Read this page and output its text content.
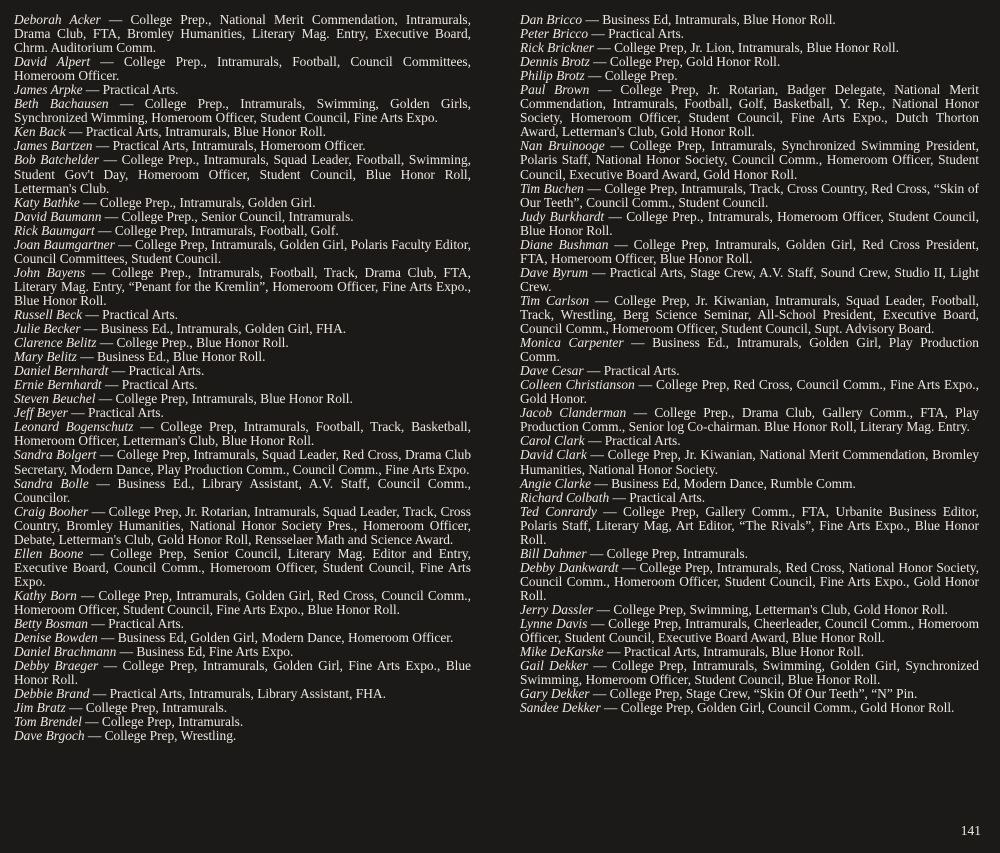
Deborah Acker — College Prep., National Merit Commendation, Intramurals, Drama Club, FTA, Bromley Humanities, Literary Mag. Entry, Executive Board, Chrm. Auditorium Comm.

David Alpert — College Prep., Intramurals, Football, Council Committees, Homeroom Officer.

James Arpke — Practical Arts.

Beth Bachausen — College Prep., Intramurals, Swimming, Golden Girls, Synchronized Wimming, Homeroom Officer, Student Council, Fine Arts Expo.

Ken Back — Practical Arts, Intramurals, Blue Honor Roll.

James Bartzen — Practical Arts, Intramurals, Homeroom Officer.

Bob Batchelder — College Prep., Intramurals, Squad Leader, Football, Swimming, Student Gov't Day, Homeroom Officer, Student Council, Blue Honor Roll, Letterman's Club.

Katy Bathke — College Prep., Intramurals, Golden Girl.

David Baumann — College Prep., Senior Council, Intramurals.

Rick Baumgart — College Prep, Intramurals, Football, Golf.

Joan Baumgartner — College Prep, Intramurals, Golden Girl, Polaris Faculty Editor, Council Committees, Student Council.

John Bayens — College Prep., Intramurals, Football, Track, Drama Club, FTA, Literary Mag. Entry, “Penant for the Kremlin”, Homeroom Officer, Fine Arts Expo., Blue Honor Roll.

Russell Beck — Practical Arts.

Julie Becker — Business Ed., Intramurals, Golden Girl, FHA.

Clarence Belitz — College Prep., Blue Honor Roll.

Mary Belitz — Business Ed., Blue Honor Roll.

Daniel Bernhardt — Practical Arts.

Ernie Bernhardt — Practical Arts.

Steven Beuchel — College Prep, Intramurals, Blue Honor Roll.

Jeff Beyer — Practical Arts.

Leonard Bogenschutz — College Prep, Intramurals, Football, Track, Basketball, Homeroom Officer, Letterman's Club, Blue Honor Roll.

Sandra Bolgert — College Prep, Intramurals, Squad Leader, Red Cross, Drama Club Secretary, Modern Dance, Play Production Comm., Council Comm., Fine Arts Expo.

Sandra Bolle — Business Ed., Library Assistant, A.V. Staff, Council Comm., Councilor.

Craig Booher — College Prep, Jr. Rotarian, Intramurals, Squad Leader, Track, Cross Country, Bromley Humanities, National Honor Society Pres., Homeroom Officer, Debate, Letterman's Club, Gold Honor Roll, Rensselaer Math and Science Award.

Ellen Boone — College Prep, Senior Council, Literary Mag. Editor and Entry, Executive Board, Council Comm., Homeroom Officer, Student Council, Fine Arts Expo.

Kathy Born — College Prep, Intramurals, Golden Girl, Red Cross, Council Comm., Homeroom Officer, Student Council, Fine Arts Expo., Blue Honor Roll.

Betty Bosman — Practical Arts.

Denise Bowden — Business Ed, Golden Girl, Modern Dance, Homeroom Officer.

Daniel Brachmann — Business Ed, Fine Arts Expo.

Debby Braeger — College Prep, Intramurals, Golden Girl, Fine Arts Expo., Blue Honor Roll.

Debbie Brand — Practical Arts, Intramurals, Library Assistant, FHA.

Jim Bratz — College Prep, Intramurals.

Tom Brendel — College Prep, Intramurals.

Dave Brgoch — College Prep, Wrestling.

Dan Bricco — Business Ed, Intramurals, Blue Honor Roll.

Peter Bricco — Practical Arts.

Rick Brickner — College Prep, Jr. Lion, Intramurals, Blue Honor Roll.

Dennis Brotz — College Prep, Gold Honor Roll.

Philip Brotz — College Prep.

Paul Brown — College Prep, Jr. Rotarian, Badger Delegate, National Merit Commendation, Intramurals, Football, Golf, Basketball, Y. Rep., National Honor Society, Homeroom Officer, Student Council, Fine Arts Expo., Dutch Thorton Award, Letterman's Club, Gold Honor Roll.

Nan Bruinooge — College Prep, Intramurals, Synchronized Swimming President, Polaris Staff, National Honor Society, Council Comm., Homeroom Officer, Student Council, Executive Board Award, Gold Honor Roll.

Tim Buchen — College Prep, Intramurals, Track, Cross Country, Red Cross, “Skin of Our Teeth”, Council Comm., Student Council.

Judy Burkhardt — College Prep., Intramurals, Homeroom Officer, Student Council, Blue Honor Roll.

Diane Bushman — College Prep, Intramurals, Golden Girl, Red Cross President, FTA, Homeroom Officer, Blue Honor Roll.

Dave Byrum — Practical Arts, Stage Crew, A.V. Staff, Sound Crew, Studio II, Light Crew.

Tim Carlson — College Prep, Jr. Kiwanian, Intramurals, Squad Leader, Football, Track, Wrestling, Berg Science Seminar, All-School President, Executive Board, Council Comm., Homeroom Officer, Student Council, Supt. Advisory Board.

Monica Carpenter — Business Ed., Intramurals, Golden Girl, Play Production Comm.

Dave Cesar — Practical Arts.

Colleen Christianson — College Prep, Red Cross, Council Comm., Fine Arts Expo., Gold Honor.

Jacob Clanderman — College Prep., Drama Club, Gallery Comm., FTA, Play Production Comm., Senior log Co-chairman. Blue Honor Roll, Literary Mag. Entry.

Carol Clark — Practical Arts.

David Clark — College Prep, Jr. Kiwanian, National Merit Commendation, Bromley Humanities, National Honor Society.

Angie Clarke — Business Ed, Modern Dance, Rumble Comm.

Richard Colbath — Practical Arts.

Ted Conrardy — College Prep, Gallery Comm., FTA, Urbanite Business Editor, Polaris Staff, Literary Mag, Art Editor, “The Rivals”, Fine Arts Expo., Blue Honor Roll.

Bill Dahmer — College Prep, Intramurals.

Debby Dankwardt — College Prep, Intramurals, Red Cross, National Honor Society, Council Comm., Homeroom Officer, Student Council, Fine Arts Expo., Gold Honor Roll.

Jerry Dassler — College Prep, Swimming, Letterman's Club, Gold Honor Roll.

Lynne Davis — College Prep, Intramurals, Cheerleader, Council Comm., Homeroom Officer, Student Council, Executive Board Award, Blue Honor Roll.

Mike DeKarske — Practical Arts, Intramurals, Blue Honor Roll.

Gail Dekker — College Prep, Intramurals, Swimming, Golden Girl, Synchronized Swimming, Homeroom Officer, Student Council, Blue Honor Roll.

Gary Dekker — College Prep, Stage Crew, “Skin Of Our Teeth”, “N” Pin.

Sandee Dekker — College Prep, Golden Girl, Council Comm., Gold Honor Roll.

141
